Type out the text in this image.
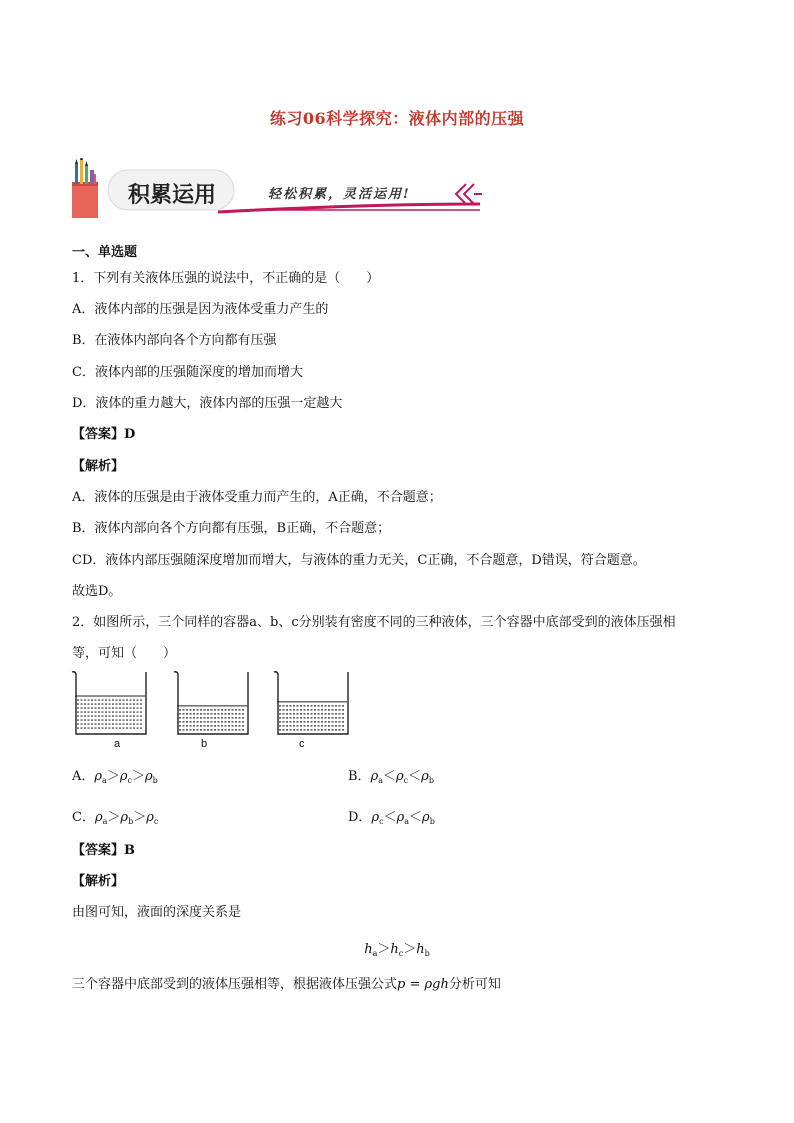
练习06科学探究：液体内部的压强
积累运用	轻松积累，灵活运用!
一、单选题
1．下列有关液体压强的说法中，不正确的是（　　）
A．液体内部的压强是因为液体受重力产生的
B．在液体内部向各个方向都有压强
C．液体内部的压强随深度的增加而增大
D．液体的重力越大，液体内部的压强一定越大
【答案】D
【解析】
A．液体的压强是由于液体受重力而产生的，A正确，不合题意；
B．液体内部向各个方向都有压强，B正确，不合题意；
CD．液体内部压强随深度增加而增大，与液体的重力无关，C正确，不合题意，D错误，符合题意。
故选D。
2．如图所示，三个同样的容器a、b、c分别装有密度不同的三种液体，三个容器中底部受到的液体压强相
等，可知（　　）
a	b	c
A．$\rho_a>\rho_c>\rho_b$	B．$\rho_a<\rho_c<\rho_b$
C．$\rho_a>\rho_b>\rho_c$	D．$\rho_c<\rho_a<\rho_b$
【答案】B
【解析】
由图可知，液面的深度关系是
$h_a>h_c>h_b$
三个容器中底部受到的液体压强相等，根据液体压强公式p = ρgh分析可知
